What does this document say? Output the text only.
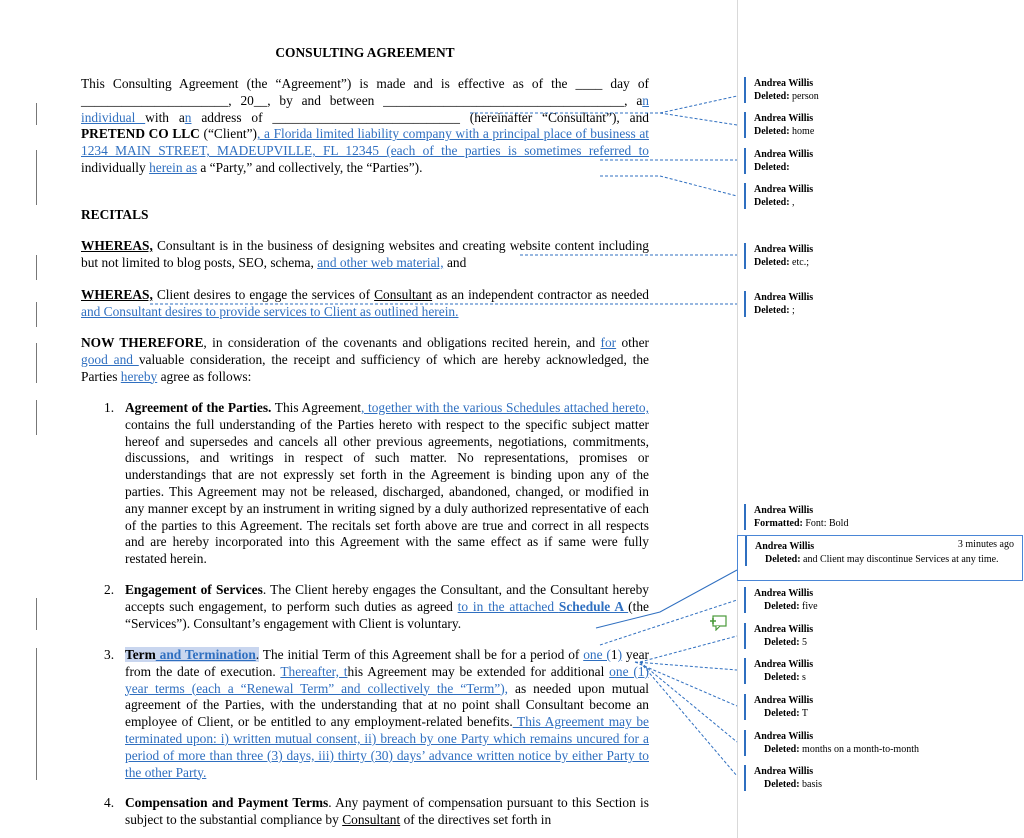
CONSULTING AGREEMENT

This Consulting Agreement (the “Agreement”) is made and is effective as of the ____ day of ______________________, 20__, by and between ____________________________________, an individual with an address of ____________________________ (hereinafter “Consultant”), and PRETEND CO LLC (“Client”), a Florida limited liability company with a principal place of business at 1234 MAIN STREET, MADEUPVILLE, FL 12345 (each of the parties is sometimes referred to individually herein as a “Party,” and collectively, the “Parties”).

RECITALS

WHEREAS, Consultant is in the business of designing websites and creating website content including but not limited to blog posts, SEO, schema, and other web material, and

WHEREAS, Client desires to engage the services of Consultant as an independent contractor as needed and Consultant desires to provide services to Client as outlined herein.

NOW THEREFORE, in consideration of the covenants and obligations recited herein, and for other good and valuable consideration, the receipt and sufficiency of which are hereby acknowledged, the Parties hereby agree as follows:

1. Agreement of the Parties. This Agreement, together with the various Schedules attached hereto, contains the full understanding of the Parties hereto with respect to the specific subject matter hereof and supersedes and cancels all other previous agreements, negotiations, commitments, discussions, and writings in respect of such matter. No representations, promises or understandings that are not expressly set forth in the Agreement is binding upon any of the parties. This Agreement may not be released, discharged, abandoned, changed, or modified in any manner except by an instrument in writing signed by a duly authorized representative of each of the parties to this Agreement. The recitals set forth above are true and correct in all respects and are hereby incorporated into this Agreement with the same effect as if same were fully restated herein.

2. Engagement of Services. The Client hereby engages the Consultant, and the Consultant hereby accepts such engagement, to perform such duties as agreed to in the attached Schedule A (the “Services”). Consultant’s engagement with Client is voluntary.

3. Term and Termination. The initial Term of this Agreement shall be for a period of one (1) year from the date of execution. Thereafter, this Agreement may be extended for additional one (1) year terms (each a “Renewal Term” and collectively the “Term”), as needed upon mutual agreement of the Parties, with the understanding that at no point shall Consultant become an employee of Client, or be entitled to any employment-related benefits. This Agreement may be terminated upon: i) written mutual consent, ii) breach by one Party which remains uncured for a period of more than three (3) days, iii) thirty (30) days’ advance written notice by either Party to the other Party.

4. Compensation and Payment Terms. Any payment of compensation pursuant to this Section is subject to the substantial compliance by Consultant of the directives set forth in

Andrea Willis
Deleted: person
Andrea Willis
Deleted: home
Andrea Willis
Deleted:
Andrea Willis
Deleted: ,
Andrea Willis
Deleted: etc.;
Andrea Willis
Deleted: ;
Andrea Willis
Formatted: Font: Bold
Andrea Willis	3 minutes ago
Deleted: and Client may discontinue Services at any time.
Andrea Willis
Deleted: five
Andrea Willis
Deleted: 5
Andrea Willis
Deleted: s
Andrea Willis
Deleted: T
Andrea Willis
Deleted: months on a month-to-month
Andrea Willis
Deleted: basis
